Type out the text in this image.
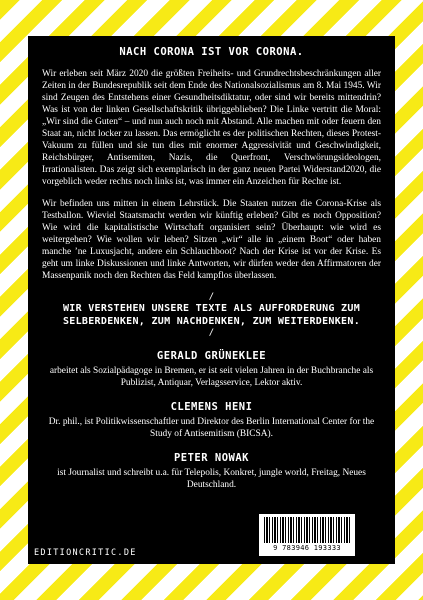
NACH CORONA IST VOR CORONA.

Wir erleben seit März 2020 die größten Freiheits- und Grundrechtsbeschränkungen aller Zeiten in der Bundesrepublik seit dem Ende des Nationalsozialismus am 8. Mai 1945. Wir sind Zeugen des Entstehens einer Gesundheitsdiktatur, oder sind wir bereits mittendrin? Was ist von der linken Gesellschaftskritik übriggeblieben? Die Linke vertritt die Moral: „Wir sind die Guten“ – und nun auch noch mit Abstand. Alle machen mit oder feuern den Staat an, nicht locker zu lassen. Das ermöglicht es der politischen Rechten, dieses Protest-Vakuum zu füllen und sie tun dies mit enormer Aggressivität und Geschwindigkeit, Reichsbürger, Antisemiten, Nazis, die Querfront, Verschwörungsideologen, Irrationalisten. Das zeigt sich exemplarisch in der ganz neuen Partei Widerstand2020, die vorgeblich weder rechts noch links ist, was immer ein Anzeichen für Rechte ist.

Wir befinden uns mitten in einem Lehrstück. Die Staaten nutzen die Corona-Krise als Testballon. Wieviel Staatsmacht werden wir künftig erleben? Gibt es noch Opposition? Wie wird die kapitalistische Wirtschaft organisiert sein? Überhaupt: wie wird es weitergehen? Wie wollen wir leben? Sitzen „wir“ alle in „einem Boot“ oder haben manche ’ne Luxusjacht, andere ein Schlauchboot? Nach der Krise ist vor der Krise. Es geht um linke Diskussionen und linke Antworten, wir dürfen weder den Affirmatoren der Massenpanik noch den Rechten das Feld kampflos überlassen.

/
WIR VERSTEHEN UNSERE TEXTE ALS AUFFORDERUNG ZUM SELBERDENKEN, ZUM NACHDENKEN, ZUM WEITERDENKEN.
/
GERALD GRÜNEKLEE
arbeitet als Sozialpädagoge in Bremen, er ist seit vielen Jahren in der Buchbranche als Publizist, Antiquar, Verlagsservice, Lektor aktiv.
CLEMENS HENI
Dr. phil., ist Politikwissenschaftler und Direktor des Berlin International Center for the Study of Antisemitism (BICSA).
PETER NOWAK
ist Journalist und schreibt u.a. für Telepolis, Konkret, jungle world, Freitag, Neues Deutschland.
EDITIONCRITIC.DE	9 783946 193333
